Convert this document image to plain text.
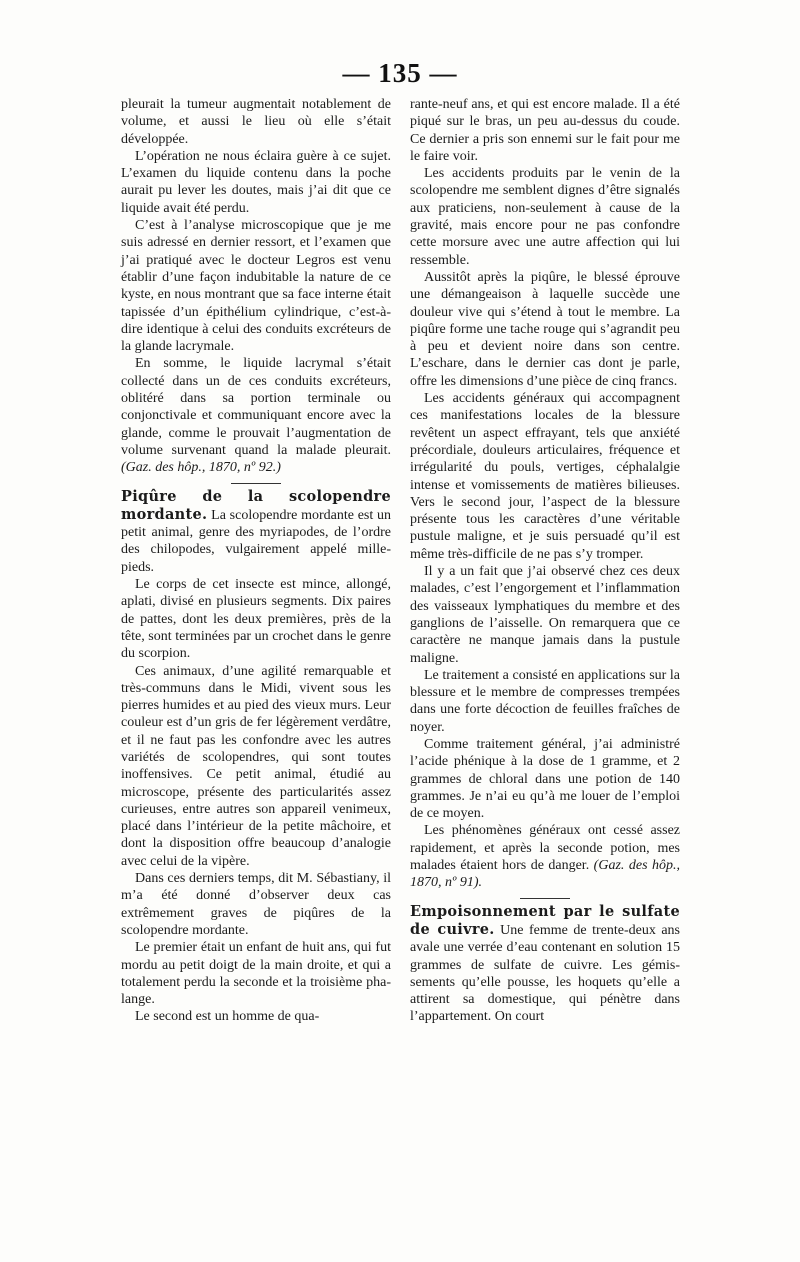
— 135 —

pleurait la tumeur augmentait notablement de volume, et aussi le lieu où elle s’était développée.

L’opération ne nous éclaira guère à ce sujet. L’examen du liquide contenu dans la poche aurait pu lever les doutes, mais j’ai dit que ce liquide avait été perdu.

C’est à l’analyse microscopique que je me suis adressé en dernier ressort, et l’examen que j’ai pratiqué avec le docteur Legros est venu établir d’une façon indubitable la nature de ce kyste, en nous montrant que sa face interne était tapissée d’un épithélium cylindrique, c’est-à-dire identique à celui des conduits excréteurs de la glande lacrymale.

En somme, le liquide lacrymal s’était collecté dans un de ces conduits excréteurs, oblitéré dans sa portion terminale ou conjonctivale et communiquant encore avec la glande, comme le prouvait l’augmentation de volume survenant quand la malade pleurait. (Gaz. des hôp., 1870, nº 92.)

Piqûre de la scolopendre mordante. La scolopendre mordante est un petit animal, genre des myriapodes, de l’ordre des chilopodes, vulgairement appelé mille-pieds.

Le corps de cet insecte est mince, allongé, aplati, divisé en plusieurs segments. Dix paires de pattes, dont les deux premières, près de la tête, sont terminées par un crochet dans le genre du scorpion.

Ces animaux, d’une agilité remarquable et très-communs dans le Midi, vivent sous les pierres humides et au pied des vieux murs. Leur couleur est d’un gris de fer légèrement verdâtre, et il ne faut pas les confondre avec les autres variétés de scolopendres, qui sont toutes inoffensives. Ce petit animal, étudié au microscope, présente des particularités assez curieuses, entre autres son appareil venimeux, placé dans l’intérieur de la petite mâchoire, et dont la disposition offre beaucoup d’analogie avec celui de la vipère.

Dans ces derniers temps, dit M. Sébastiany, il m’a été donné d’observer deux cas extrêmement graves de piqûres de la scolopendre mordante.

Le premier était un enfant de huit ans, qui fut mordu au petit doigt de la main droite, et qui a totalement perdu la seconde et la troisième phalange.

Le second est un homme de qua-

rante-neuf ans, et qui est encore malade. Il a été piqué sur le bras, un peu au-dessus du coude. Ce dernier a pris son ennemi sur le fait pour me le faire voir.

Les accidents produits par le venin de la scolopendre me semblent dignes d’être signalés aux praticiens, non-seulement à cause de la gravité, mais encore pour ne pas confondre cette morsure avec une autre affection qui lui ressemble.

Aussitôt après la piqûre, le blessé éprouve une démangeaison à laquelle succède une douleur vive qui s’étend à tout le membre. La piqûre forme une tache rouge qui s’agrandit peu à peu et devient noire dans son centre. L’eschare, dans le dernier cas dont je parle, offre les dimensions d’une pièce de cinq francs.

Les accidents généraux qui accompagnent ces manifestations locales de la blessure revêtent un aspect effrayant, tels que anxiété précordiale, douleurs articulaires, fréquence et irrégularité du pouls, vertiges, céphalalgie intense et vomissements de matières bilieuses. Vers le second jour, l’aspect de la blessure présente tous les caractères d’une véritable pustule maligne, et je suis persuadé qu’il est même très-difficile de ne pas s’y tromper.

Il y a un fait que j’ai observé chez ces deux malades, c’est l’engorgement et l’inflammation des vaisseaux lymphatiques du membre et des ganglions de l’aisselle. On remarquera que ce caractère ne manque jamais dans la pustule maligne.

Le traitement a consisté en applications sur la blessure et le membre de compresses trempées dans une forte décoction de feuilles fraîches de noyer.

Comme traitement général, j’ai administré l’acide phénique à la dose de 1 gramme, et 2 grammes de chloral dans une potion de 140 grammes. Je n’ai eu qu’à me louer de l’emploi de ce moyen.

Les phénomènes généraux ont cessé assez rapidement, et après la seconde potion, mes malades étaient hors de danger. (Gaz. des hôp., 1870, nº 91).

Empoisonnement par le sulfate de cuivre. Une femme de trente-deux ans avale une verrée d’eau contenant en solution 15 grammes de sulfate de cuivre. Les gémissements qu’elle pousse, les hoquets qu’elle a attirent sa domestique, qui pénètre dans l’appartement. On court
